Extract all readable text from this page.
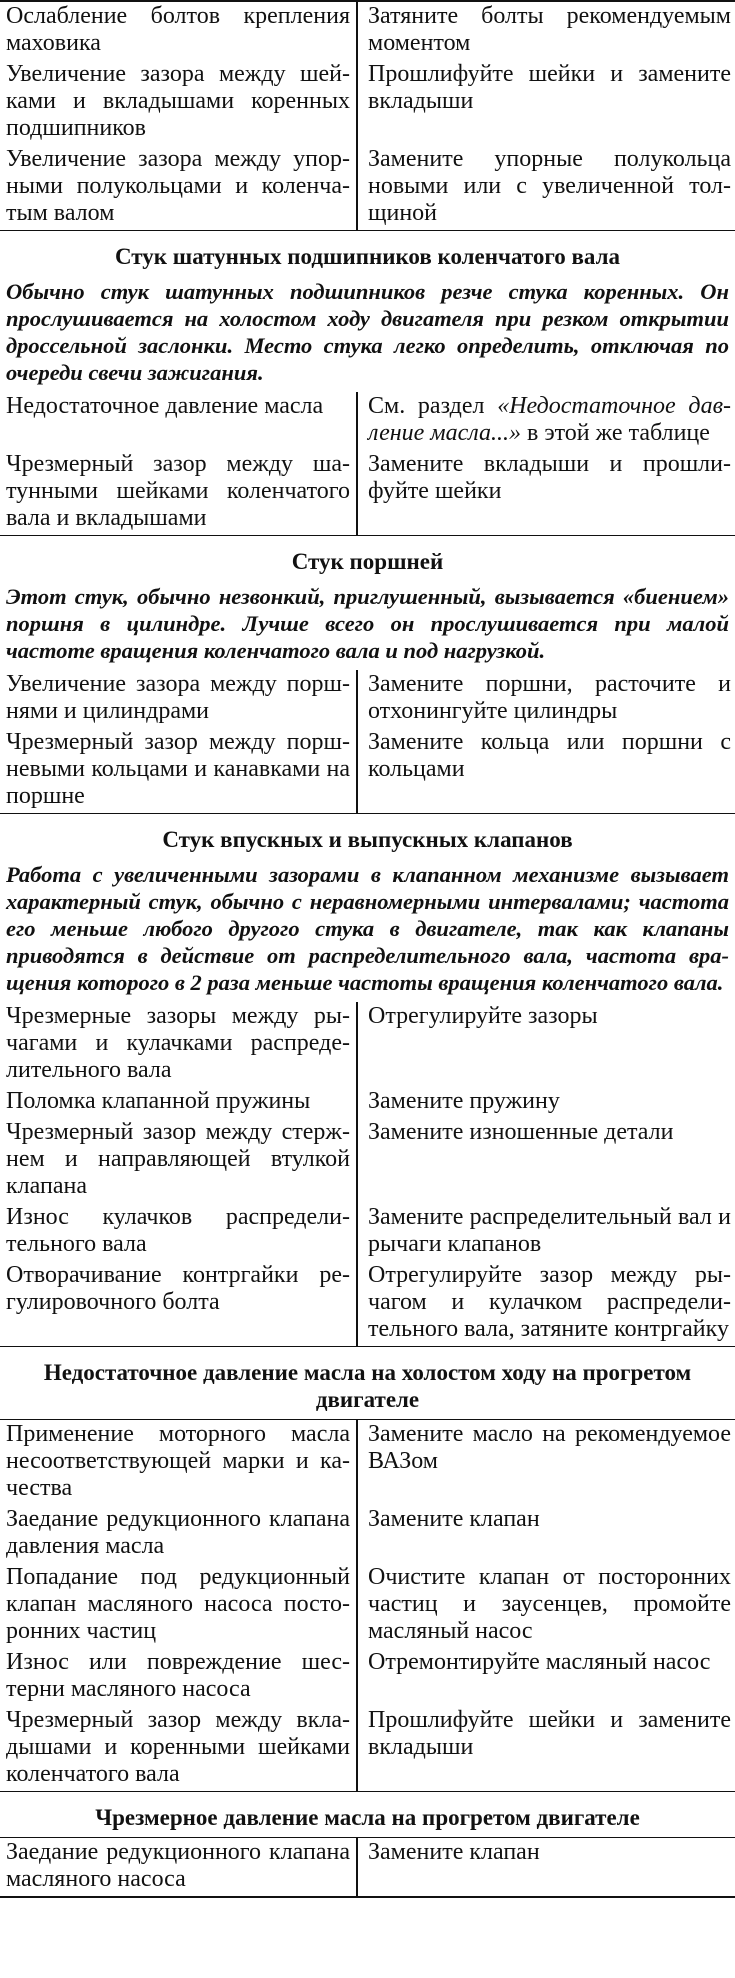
Ослабление болтов крепления маховика
Затяните болты рекомендуемым моментом
Увеличение зазора между шейками и вкладышами коренных подшипников
Прошлифуйте шейки и замените вкладыши
Увеличение зазора между упорными полукольцами и коленчатым валом
Замените упорные полукольца новыми или с увеличенной толщиной
Стук шатунных подшипников коленчатого вала
Обычно стук шатунных подшипников резче стука коренных. Он прослушивается на холостом ходу двигателя при резком открытии дроссельной заслонки. Место стука легко определить, отключая по очереди свечи зажигания.
Недостаточное давление масла	См. раздел «Недостаточное давление масла...» в этой же таблице
Чрезмерный зазор между шатунными шейками коленчатого вала и вкладышами
Замените вкладыши и прошлифуйте шейки
Стук поршней
Этот стук, обычно незвонкий, приглушенный, вызывается «биением» поршня в цилиндре. Лучше всего он прослушивается при малой частоте вращения коленчатого вала и под нагрузкой.
Увеличение зазора между поршнями и цилиндрами
Замените поршни, расточите и отхонингуйте цилиндры
Чрезмерный зазор между поршневыми кольцами и канавками на поршне
Замените кольца или поршни с кольцами
Стук впускных и выпускных клапанов
Работа с увеличенными зазорами в клапанном механизме вызывает характерный стук, обычно с неравномерными интервалами; частота его меньше любого другого стука в двигателе, так как клапаны приводятся в действие от распределительного вала, частота вращения которого в 2 раза меньше частоты вращения коленчатого вала.
Чрезмерные зазоры между рычагами и кулачками распределительного вала
Отрегулируйте зазоры
Поломка клапанной пружины	Замените пружину
Чрезмерный зазор между стержнем и направляющей втулкой клапана
Замените изношенные детали
Износ кулачков распределительного вала
Замените распределительный вал и рычаги клапанов
Отворачивание контргайки регулировочного болта
Отрегулируйте зазор между рычагом и кулачком распределительного вала, затяните контргайку
Недостаточное давление масла на холостом ходу на прогретом двигателе
Применение моторного масла несоответствующей марки и качества
Замените масло на рекомендуемое ВАЗом
Заедание редукционного клапана давления масла
Замените клапан
Попадание под редукционный клапан масляного насоса посторонних частиц
Очистите клапан от посторонних частиц и заусенцев, промойте масляный насос
Износ или повреждение шестерни масляного насоса
Отремонтируйте масляный насос
Чрезмерный зазор между вкладышами и коренными шейками коленчатого вала
Прошлифуйте шейки и замените вкладыши
Чрезмерное давление масла на прогретом двигателе
Заедание редукционного клапана масляного насоса
Замените клапан
